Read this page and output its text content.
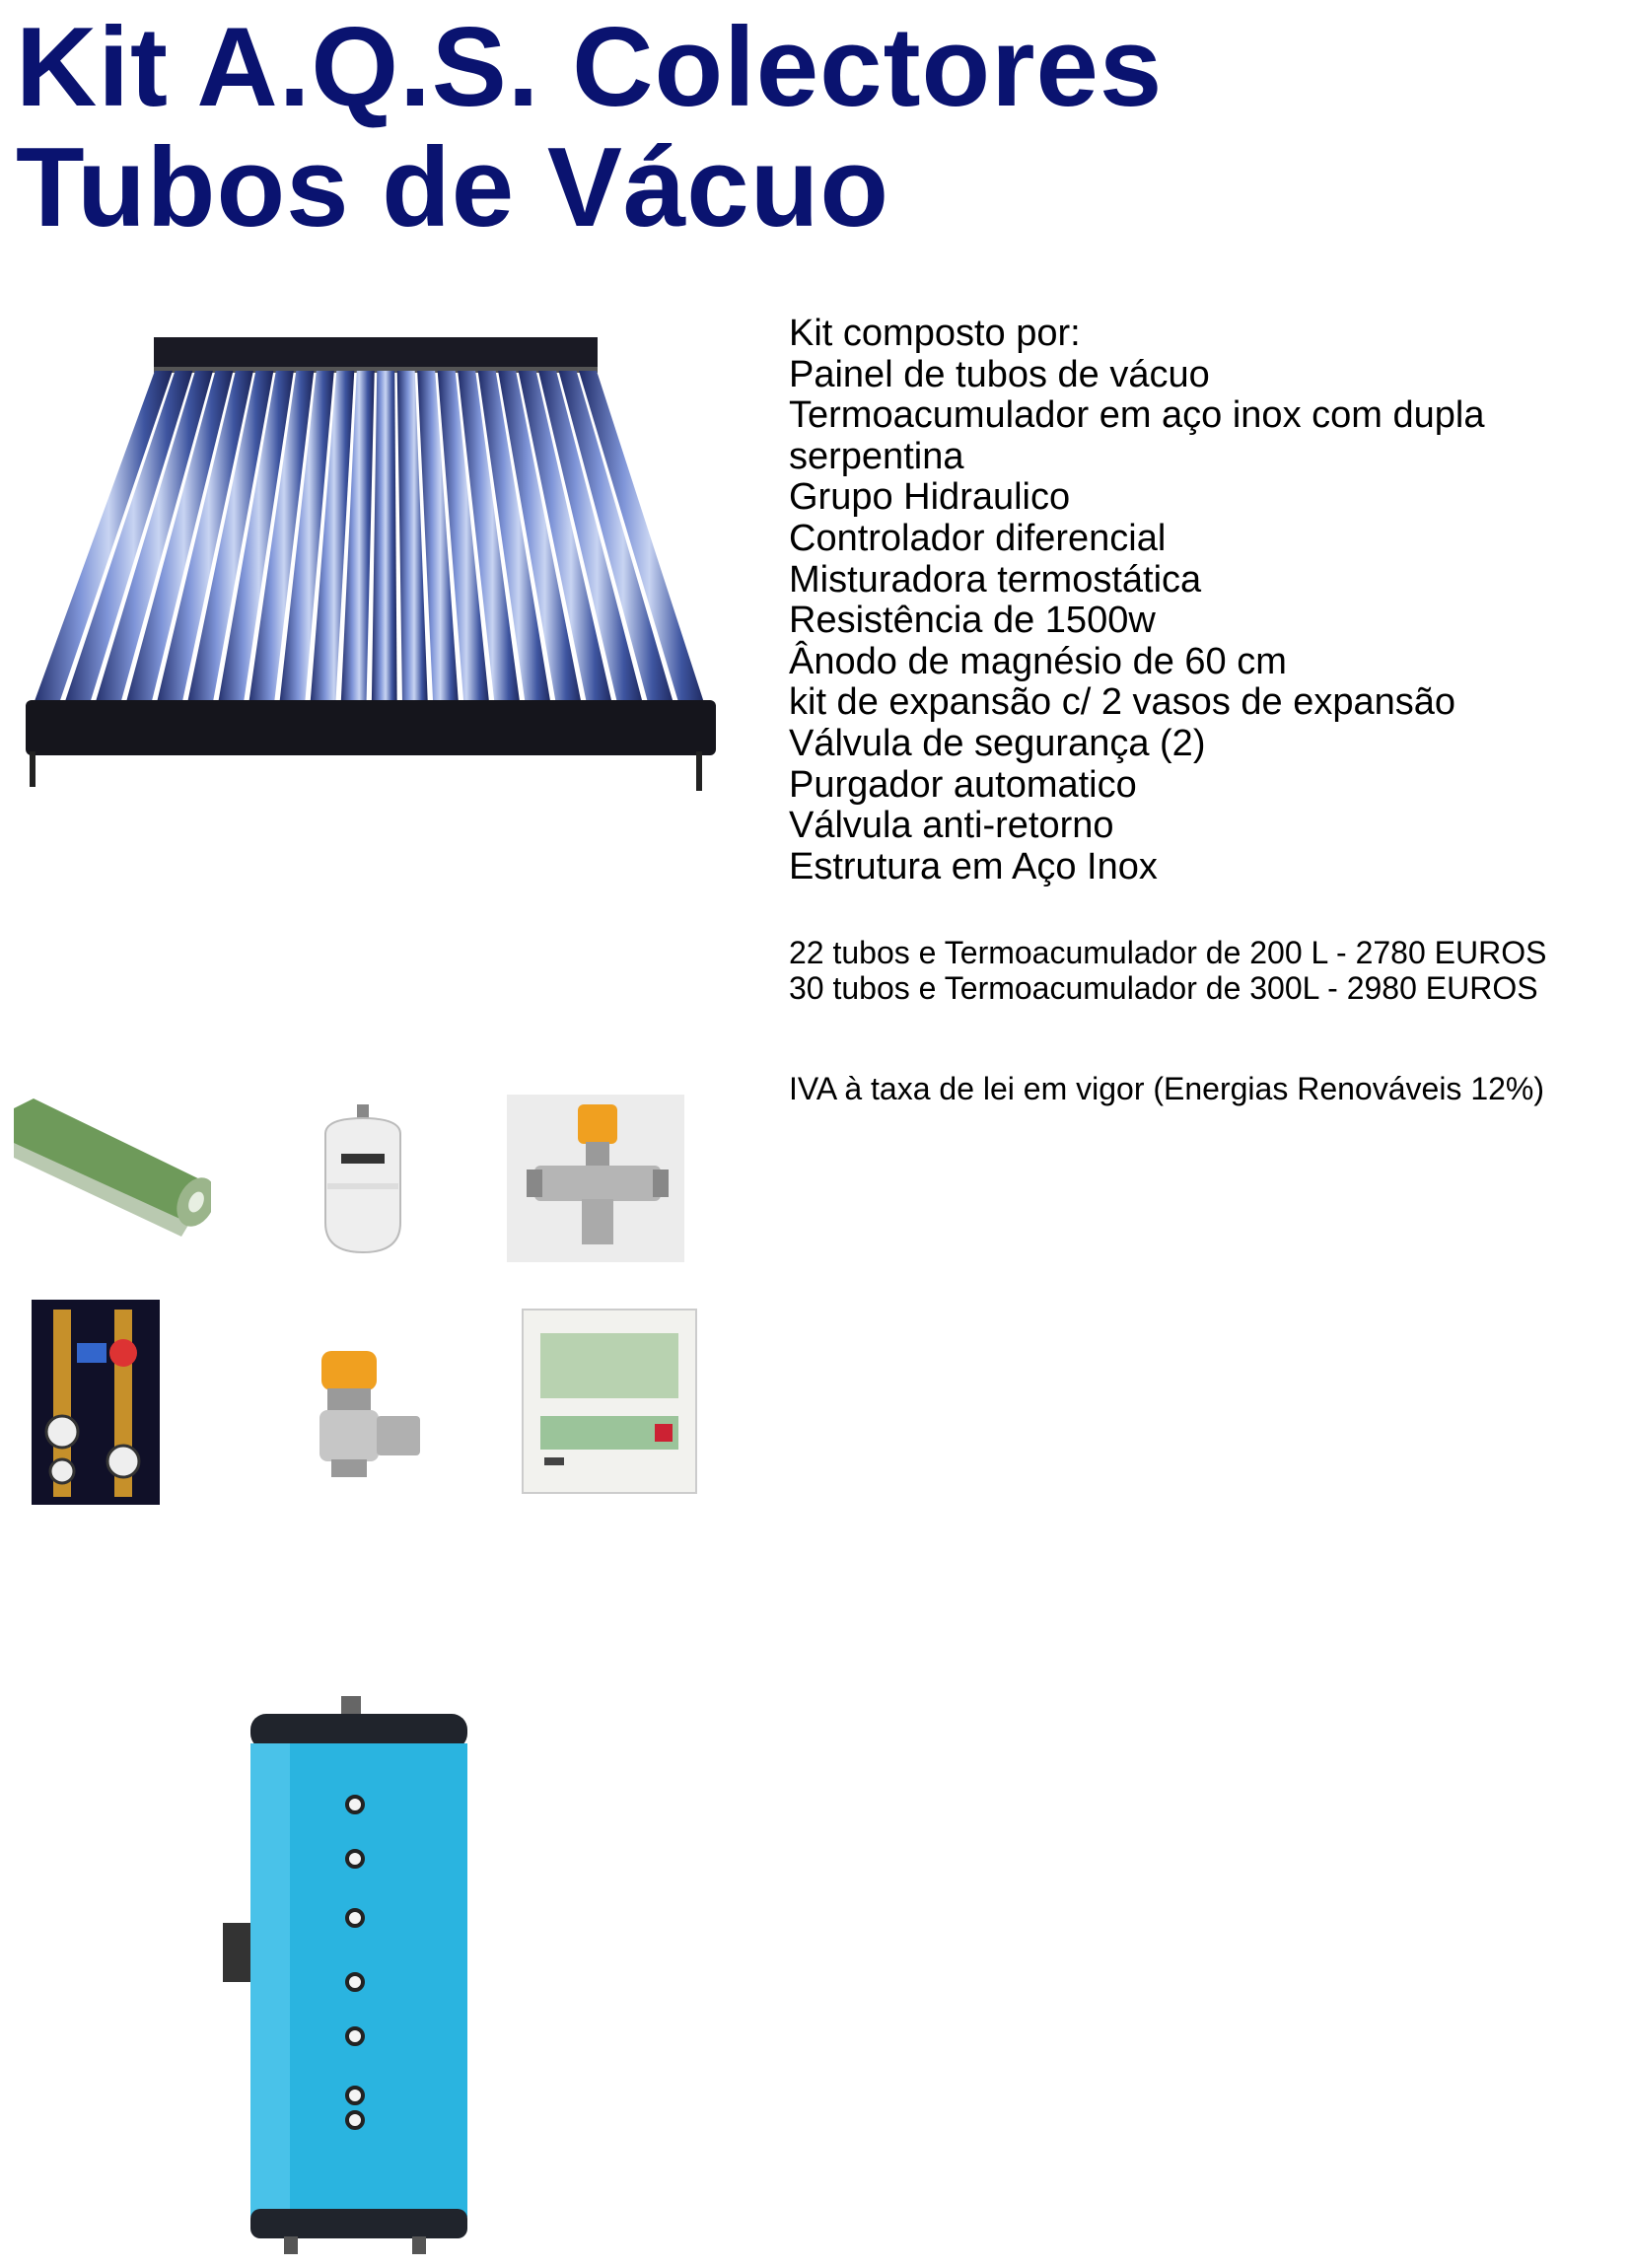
Kit A.Q.S. Colectores
Tubos de Vácuo
Kit composto por:
Painel de tubos de vácuo
Termoacumulador em aço inox com dupla
serpentina
Grupo Hidraulico
Controlador diferencial
Misturadora termostática
Resistência de 1500w
Ânodo de magnésio de 60 cm
kit de expansão c/ 2 vasos de expansão
Válvula de segurança (2)
Purgador automatico
Válvula anti-retorno
Estrutura em Aço Inox
22 tubos e Termoacumulador de 200 L - 2780 EUROS
30 tubos e Termoacumulador de 300L - 2980 EUROS
IVA à taxa de lei em vigor (Energias Renováveis 12%)
